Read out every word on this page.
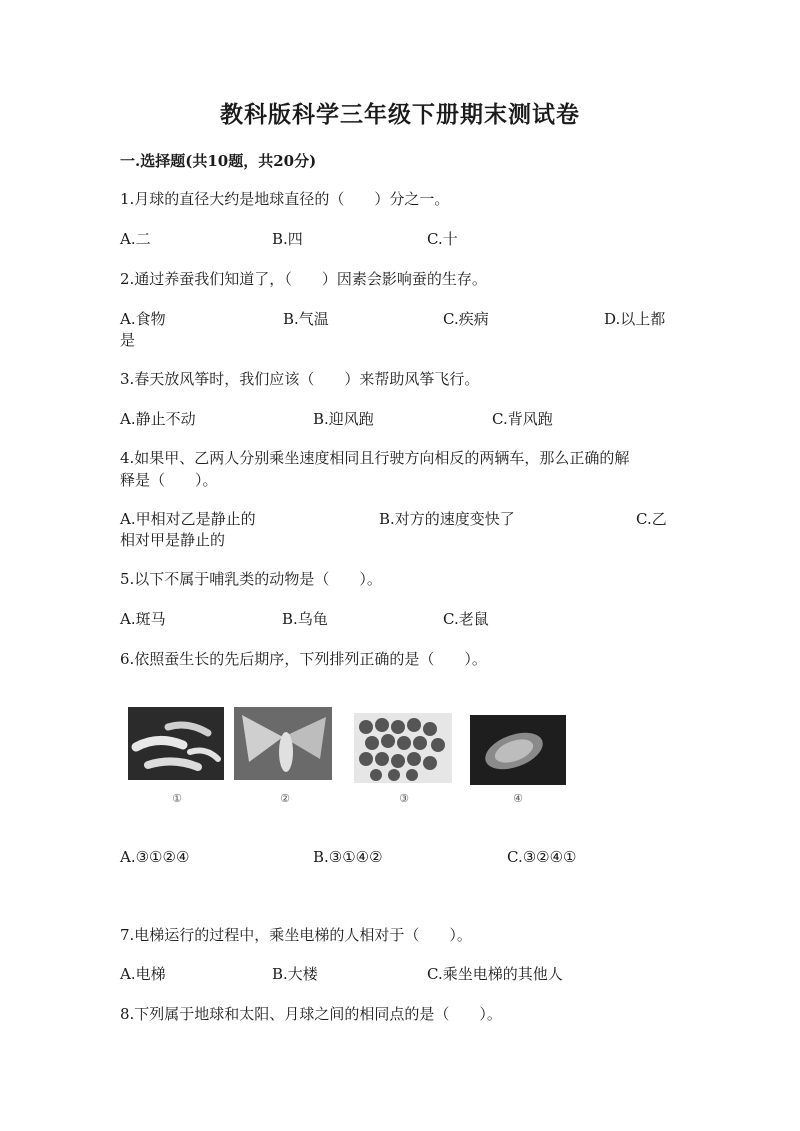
教科版科学三年级下册期末测试卷
一.选择题(共10题，共20分)
1.月球的直径大约是地球直径的（　　）分之一。
A.二	B.四	C.十
2.通过养蚕我们知道了，（　　）因素会影响蚕的生存。
A.食物	B.气温	C.疾病	D.以上都
是
3.春天放风筝时，我们应该（　　）来帮助风筝飞行。
A.静止不动	B.迎风跑	C.背风跑
4.如果甲、乙两人分别乘坐速度相同且行驶方向相反的两辆车，那么正确的解
释是（　　）。
A.甲相对乙是静止的	B.对方的速度变快了	C.乙
相对甲是静止的
5.以下不属于哺乳类的动物是（　　）。
A.斑马	B.乌龟	C.老鼠
6.依照蚕生长的先后期序，下列排列正确的是（　　）。
①	②	③	④
A.③①②④	B.③①④②	C.③②④①
7.电梯运行的过程中，乘坐电梯的人相对于（　　）。
A.电梯	B.大楼	C.乘坐电梯的其他人
8.下列属于地球和太阳、月球之间的相同点的是（　　）。
